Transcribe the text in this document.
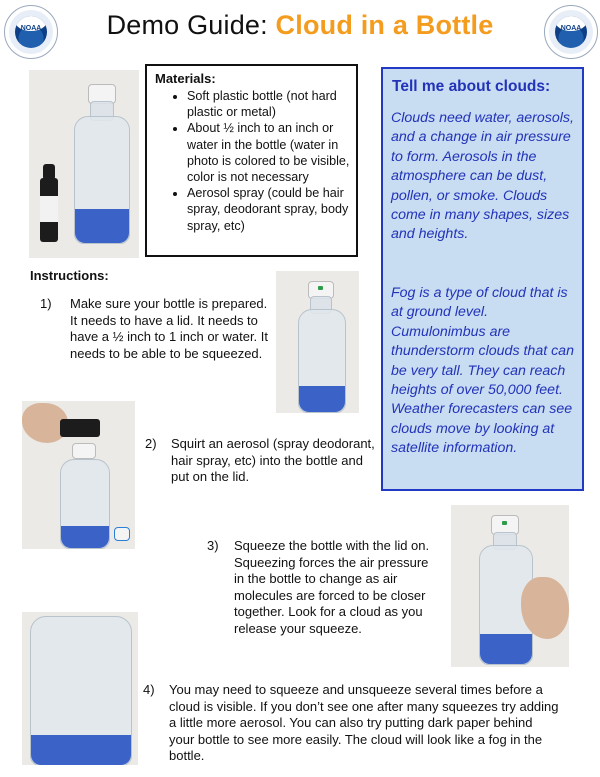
NOAA	NOAA
Demo Guide: Cloud in a Bottle
Materials:
• Soft plastic bottle (not hard plastic or metal)
• About ½ inch to an inch or water in the bottle (water in photo is colored to be visible, color is not necessary
• Aerosol spray (could be hair spray, deodorant spray, body spray, etc)
Tell me about clouds:
Clouds need water, aerosols, and a change in air pressure to form. Aerosols in the atmosphere can be dust, pollen, or smoke. Clouds come in many shapes, sizes and heights.
Fog is a type of cloud that is at ground level. Cumulonimbus are thunderstorm clouds that can be very tall. They can reach heights of over 50,000 feet. Weather forecasters can see clouds move by looking at satellite information.
Instructions:
1) Make sure your bottle is prepared. It needs to have a lid. It needs to have a ½ inch to 1 inch or water. It needs to be able to be squeezed.
2) Squirt an aerosol (spray deodorant, hair spray, etc) into the bottle and put on the lid.
3) Squeeze the bottle with the lid on. Squeezing forces the air pressure in the bottle to change as air molecules are forced to be closer together. Look for a cloud as you release your squeeze.
4) You may need to squeeze and unsqueeze several times before a cloud is visible. If you don’t see one after many squeezes try adding a little more aerosol. You can also try putting dark paper behind your bottle to see more easily. The cloud will look like a fog in the bottle.
